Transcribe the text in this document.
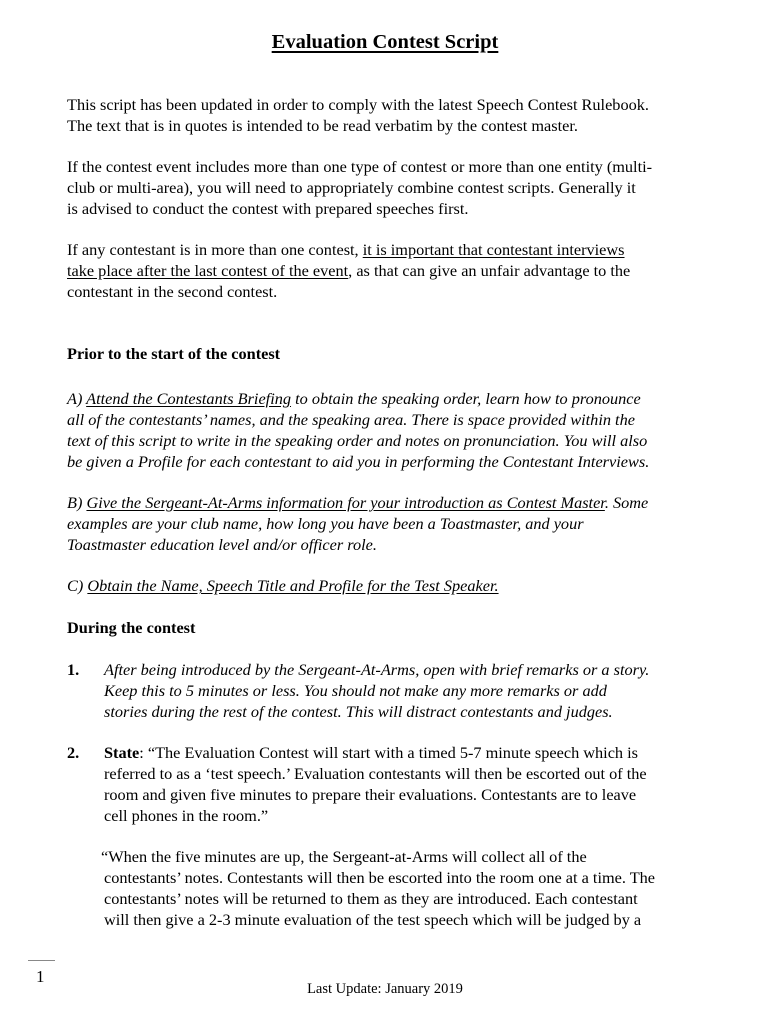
Evaluation Contest Script
This script has been updated in order to comply with the latest Speech Contest Rulebook.
The text that is in quotes is intended to be read verbatim by the contest master.
If the contest event includes more than one type of contest or more than one entity (multi-
club or multi-area), you will need to appropriately combine contest scripts. Generally it
is advised to conduct the contest with prepared speeches first.
If any contestant is in more than one contest, it is important that contestant interviews
take place after the last contest of the event, as that can give an unfair advantage to the
contestant in the second contest.
Prior to the start of the contest
A) Attend the Contestants Briefing to obtain the speaking order, learn how to pronounce
all of the contestants’ names, and the speaking area. There is space provided within the
text of this script to write in the speaking order and notes on pronunciation. You will also
be given a Profile for each contestant to aid you in performing the Contestant Interviews.
B) Give the Sergeant-At-Arms information for your introduction as Contest Master. Some
examples are your club name, how long you have been a Toastmaster, and your
Toastmaster education level and/or officer role.
C) Obtain the Name, Speech Title and Profile for the Test Speaker.
During the contest
1. After being introduced by the Sergeant-At-Arms, open with brief remarks or a story.
Keep this to 5 minutes or less. You should not make any more remarks or add
stories during the rest of the contest. This will distract contestants and judges.
2. State: “The Evaluation Contest will start with a timed 5-7 minute speech which is
referred to as a ‘test speech.’ Evaluation contestants will then be escorted out of the
room and given five minutes to prepare their evaluations. Contestants are to leave
cell phones in the room.”
“When the five minutes are up, the Sergeant-at-Arms will collect all of the
contestants’ notes. Contestants will then be escorted into the room one at a time. The
contestants’ notes will be returned to them as they are introduced. Each contestant
will then give a 2-3 minute evaluation of the test speech which will be judged by a
1
Last Update: January 2019
